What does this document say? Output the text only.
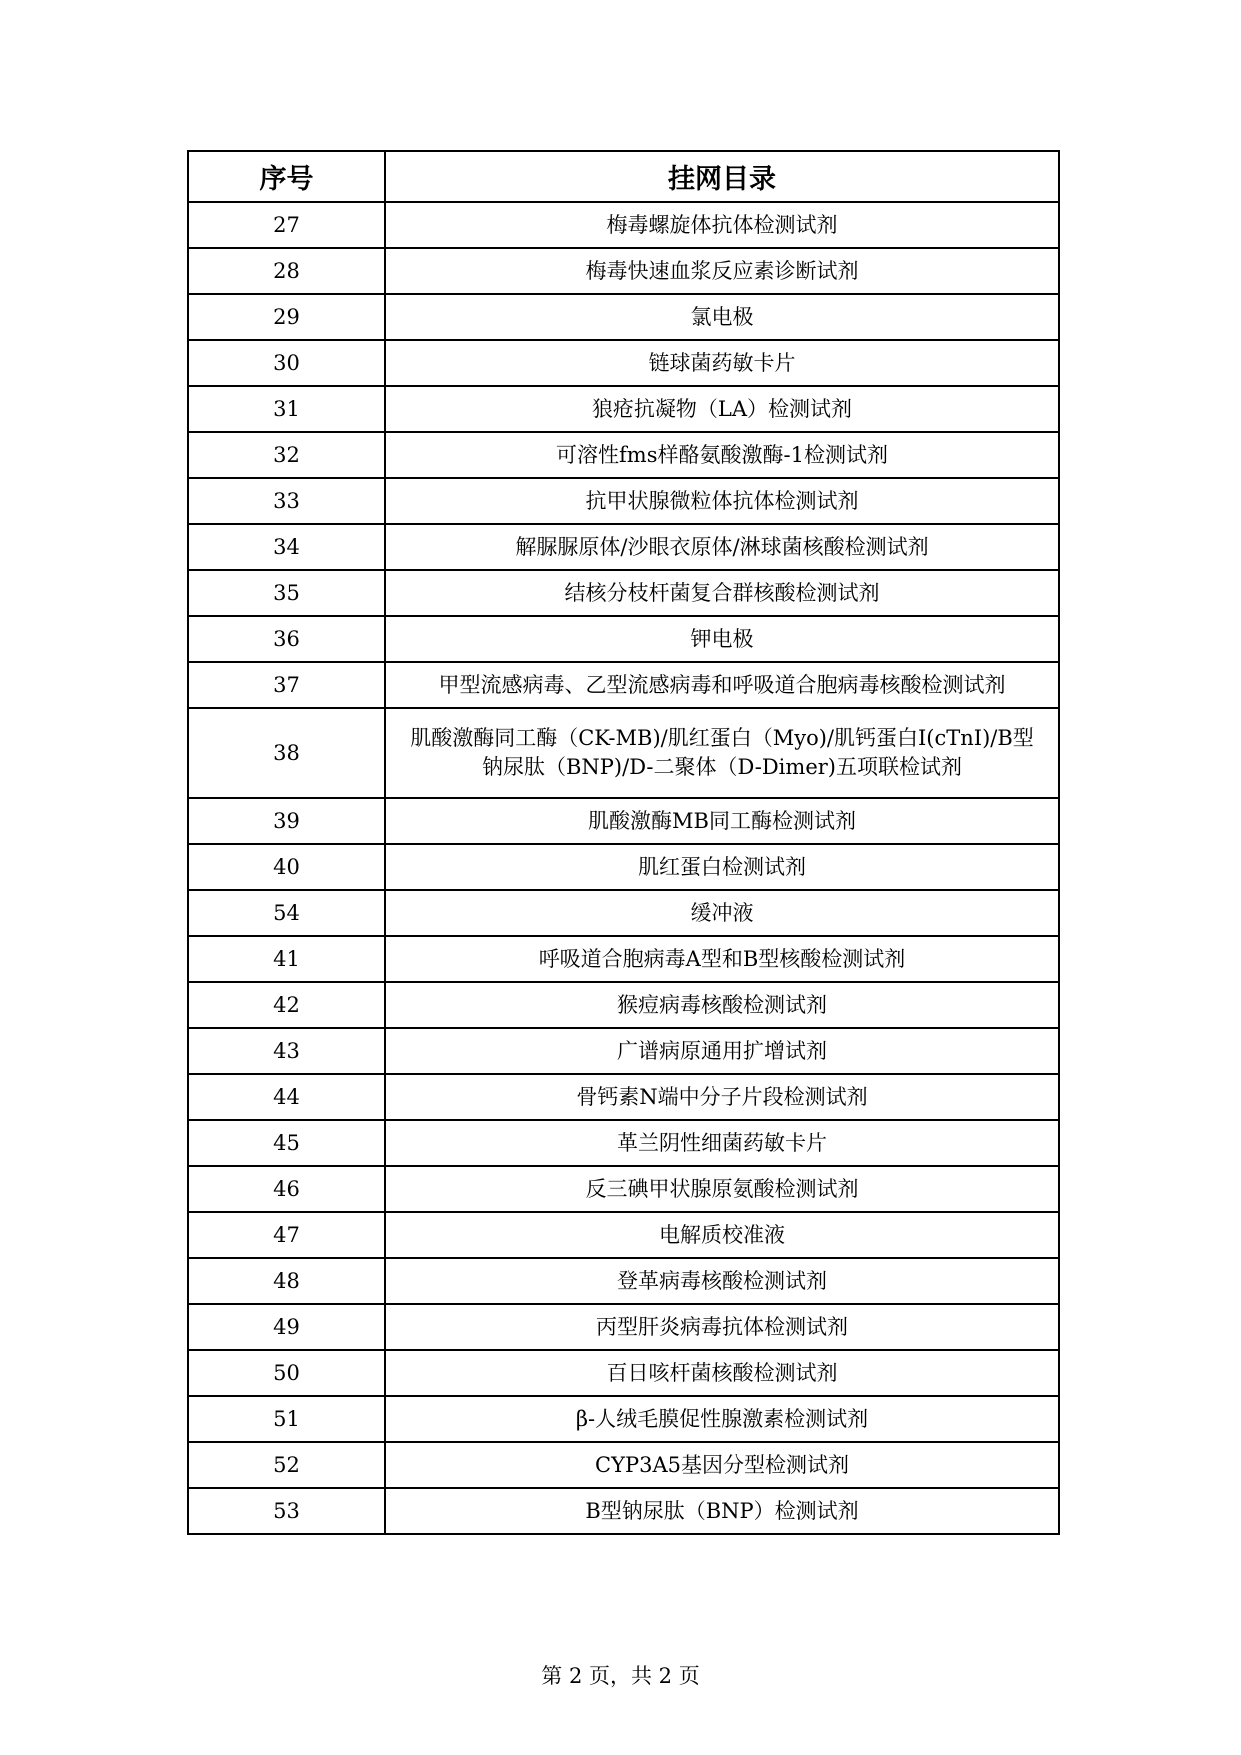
序号	挂网目录
27	梅毒螺旋体抗体检测试剂
28	梅毒快速血浆反应素诊断试剂
29	氯电极
30	链球菌药敏卡片
31	狼疮抗凝物（LA）检测试剂
32	可溶性fms样酪氨酸激酶-1检测试剂
33	抗甲状腺微粒体抗体检测试剂
34	解脲脲原体/沙眼衣原体/淋球菌核酸检测试剂
35	结核分枝杆菌复合群核酸检测试剂
36	钾电极
37	甲型流感病毒、乙型流感病毒和呼吸道合胞病毒核酸检测试剂
38	肌酸激酶同工酶（CK-MB)/肌红蛋白（Myo)/肌钙蛋白I(cTnI)/B型
钠尿肽（BNP)/D-二聚体（D-Dimer)五项联检试剂

39	肌酸激酶MB同工酶检测试剂
40	肌红蛋白检测试剂
54	缓冲液
41	呼吸道合胞病毒A型和B型核酸检测试剂
42	猴痘病毒核酸检测试剂
43	广谱病原通用扩增试剂
44	骨钙素N端中分子片段检测试剂
45	革兰阴性细菌药敏卡片
46	反三碘甲状腺原氨酸检测试剂
47	电解质校准液
48	登革病毒核酸检测试剂
49	丙型肝炎病毒抗体检测试剂
50	百日咳杆菌核酸检测试剂
51	β-人绒毛膜促性腺激素检测试剂
52	CYP3A5基因分型检测试剂
53	B型钠尿肽（BNP）检测试剂
第 2 页，共 2 页
